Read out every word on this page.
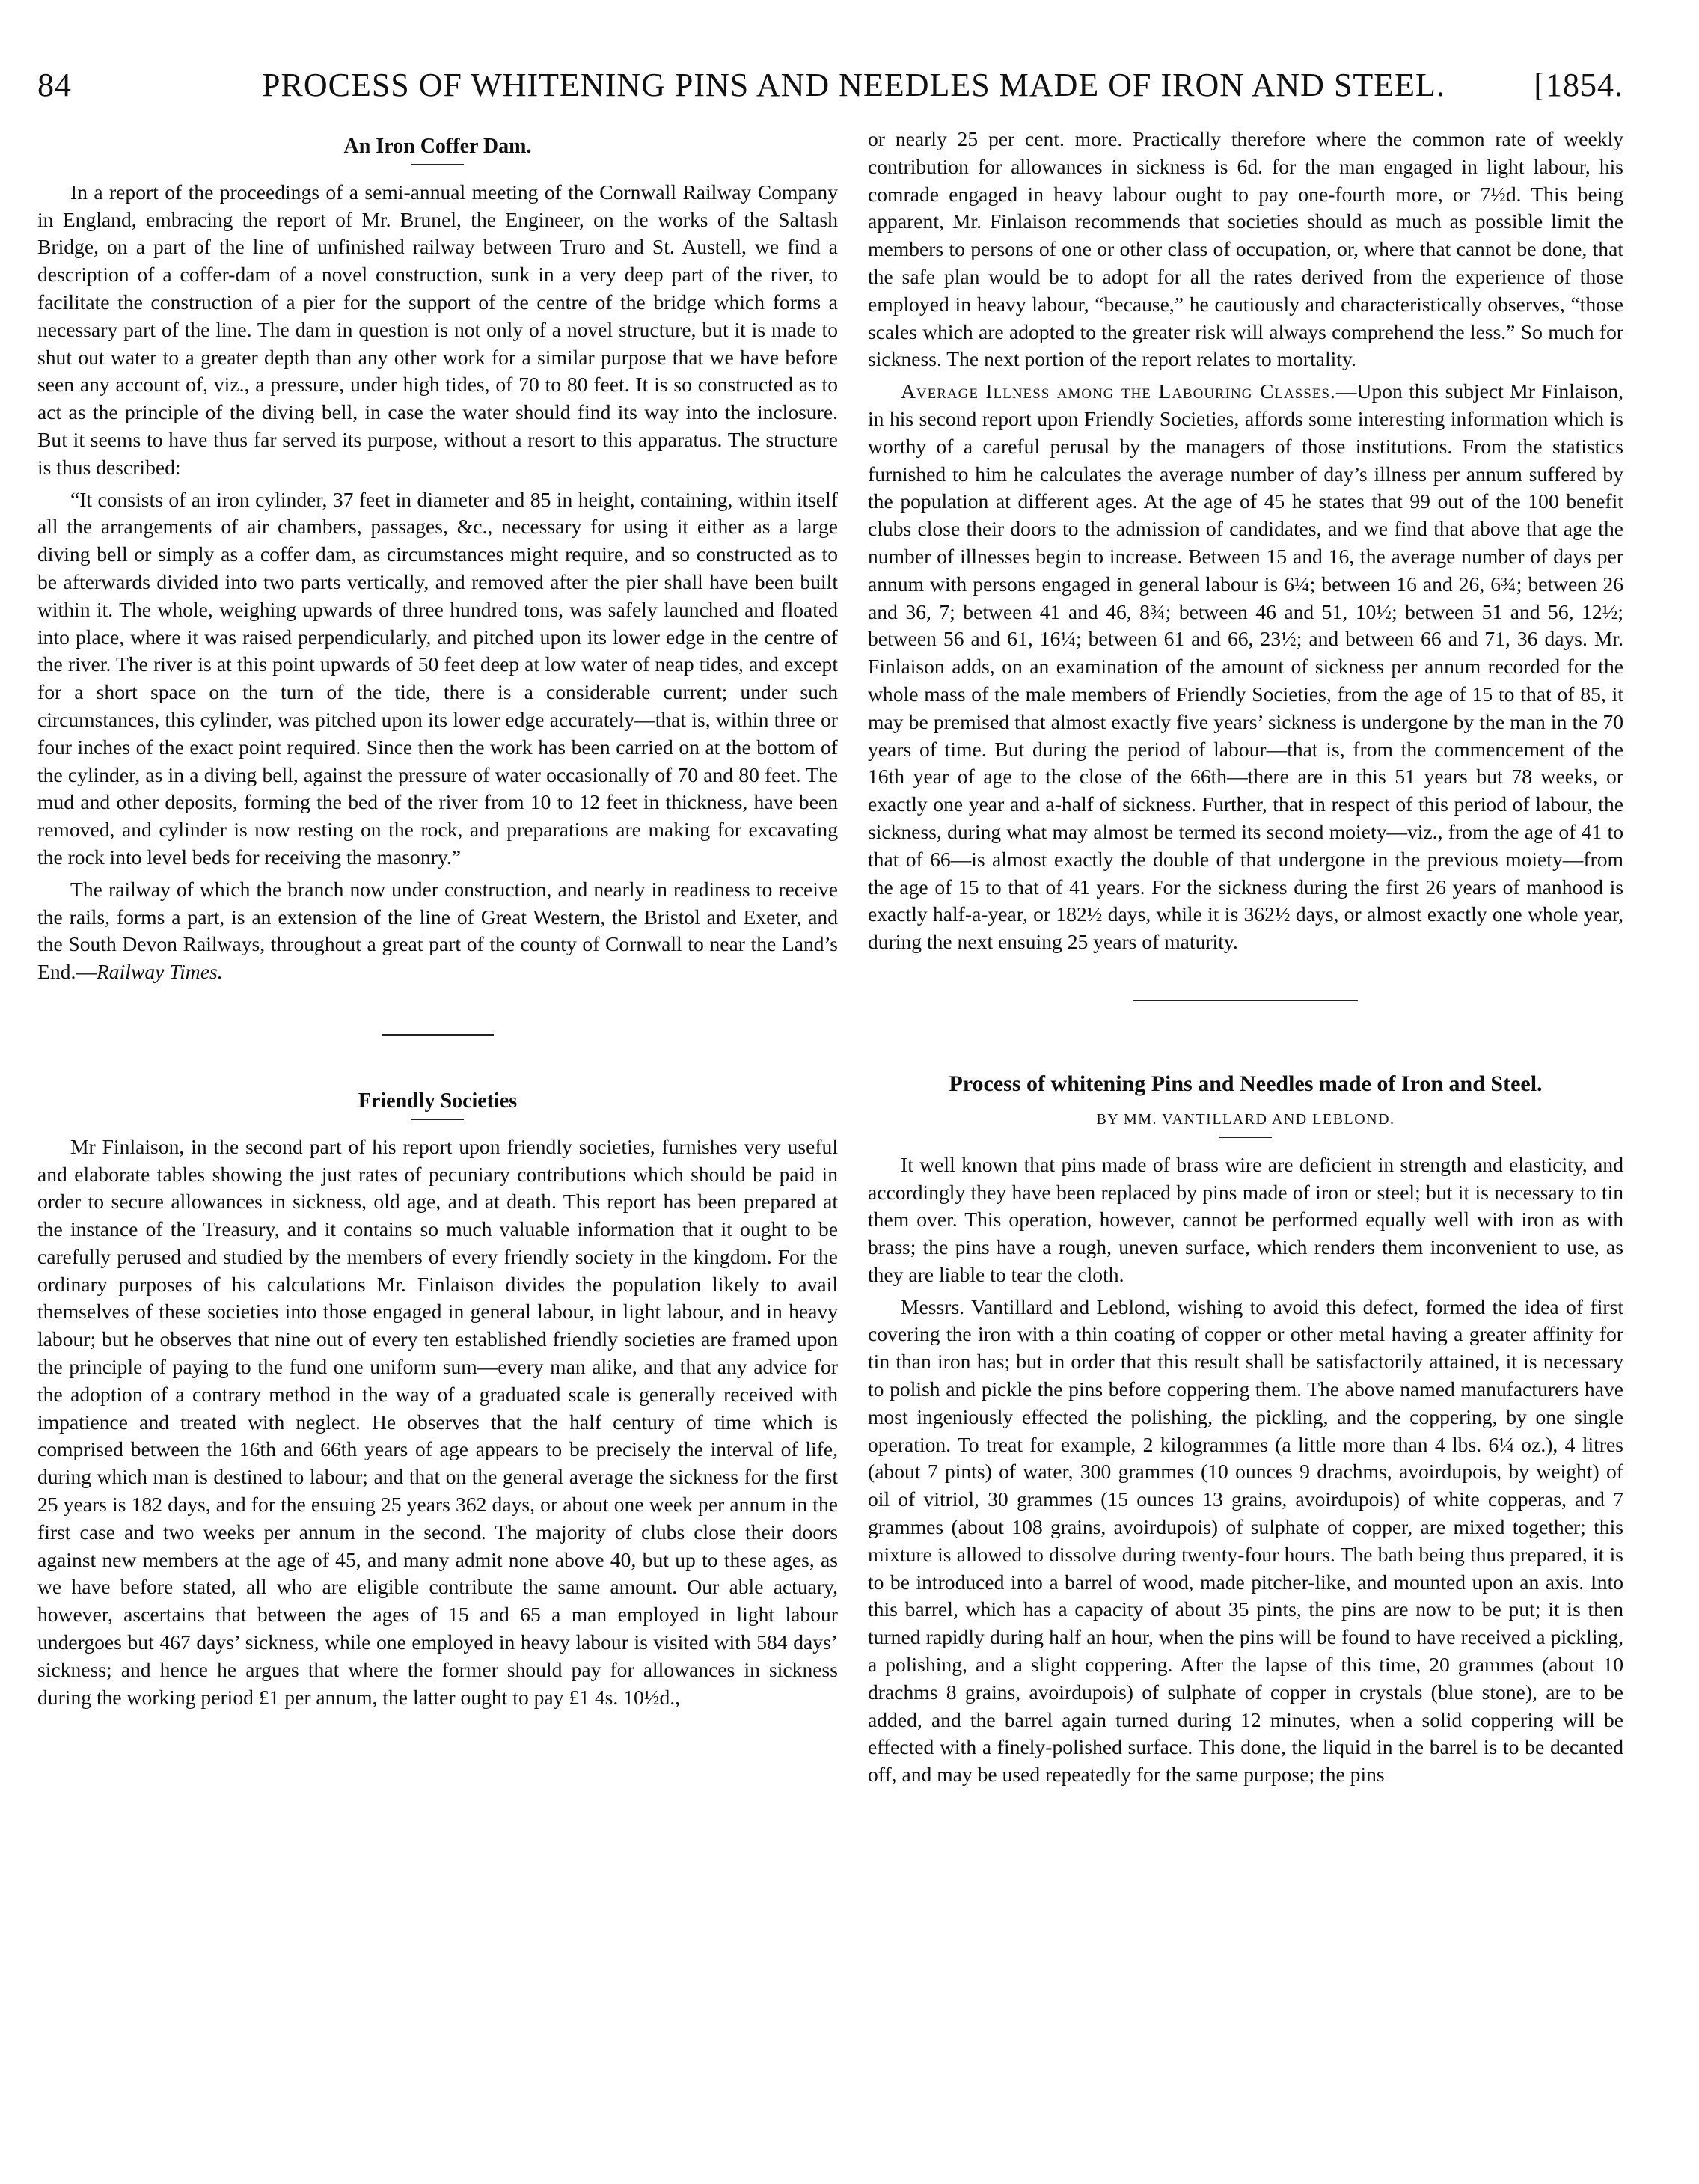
84	PROCESS OF WHITENING PINS AND NEEDLES MADE OF IRON AND STEEL.	[1854.
An Iron Coffer Dam.

In a report of the proceedings of a semi-annual meeting of the Cornwall Railway Company in England, embracing the report of Mr. Brunel, the Engineer, on the works of the Saltash Bridge, on a part of the line of unfinished railway between Truro and St. Austell, we find a description of a coffer-dam of a novel construction, sunk in a very deep part of the river, to facilitate the construction of a pier for the support of the centre of the bridge which forms a necessary part of the line. The dam in question is not only of a novel structure, but it is made to shut out water to a greater depth than any other work for a similar purpose that we have before seen any account of, viz., a pressure, under high tides, of 70 to 80 feet. It is so constructed as to act as the principle of the diving bell, in case the water should find its way into the inclosure. But it seems to have thus far served its purpose, without a resort to this apparatus. The structure is thus described:

“It consists of an iron cylinder, 37 feet in diameter and 85 in height, containing, within itself all the arrangements of air chambers, passages, &c., necessary for using it either as a large diving bell or simply as a coffer dam, as circumstances might require, and so constructed as to be afterwards divided into two parts vertically, and removed after the pier shall have been built within it. The whole, weighing upwards of three hundred tons, was safely launched and floated into place, where it was raised perpendicularly, and pitched upon its lower edge in the centre of the river. The river is at this point upwards of 50 feet deep at low water of neap tides, and except for a short space on the turn of the tide, there is a considerable current; under such circumstances, this cylinder, was pitched upon its lower edge accurately—that is, within three or four inches of the exact point required. Since then the work has been carried on at the bottom of the cylinder, as in a diving bell, against the pressure of water occasionally of 70 and 80 feet. The mud and other deposits, forming the bed of the river from 10 to 12 feet in thickness, have been removed, and cylinder is now resting on the rock, and preparations are making for excavating the rock into level beds for receiving the masonry.”

The railway of which the branch now under construction, and nearly in readiness to receive the rails, forms a part, is an extension of the line of Great Western, the Bristol and Exeter, and the South Devon Railways, throughout a great part of the county of Cornwall to near the Land’s End.—Railway Times.

Friendly Societies

Mr Finlaison, in the second part of his report upon friendly societies, furnishes very useful and elaborate tables showing the just rates of pecuniary contributions which should be paid in order to secure allowances in sickness, old age, and at death. This report has been prepared at the instance of the Treasury, and it contains so much valuable information that it ought to be carefully perused and studied by the members of every friendly society in the kingdom. For the ordinary purposes of his calculations Mr. Finlaison divides the population likely to avail themselves of these societies into those engaged in general labour, in light labour, and in heavy labour; but he observes that nine out of every ten established friendly societies are framed upon the principle of paying to the fund one uniform sum—every man alike, and that any advice for the adoption of a contrary method in the way of a graduated scale is generally received with impatience and treated with neglect. He observes that the half century of time which is comprised between the 16th and 66th years of age appears to be precisely the interval of life, during which man is destined to labour; and that on the general average the sickness for the first 25 years is 182 days, and for the ensuing 25 years 362 days, or about one week per annum in the first case and two weeks per annum in the second. The majority of clubs close their doors against new members at the age of 45, and many admit none above 40, but up to these ages, as we have before stated, all who are eligible contribute the same amount. Our able actuary, however, ascertains that between the ages of 15 and 65 a man employed in light labour undergoes but 467 days’ sickness, while one employed in heavy labour is visited with 584 days’ sickness; and hence he argues that where the former should pay for allowances in sickness during the working period £1 per annum, the latter ought to pay £1 4s. 10½d.,

or nearly 25 per cent. more. Practically therefore where the common rate of weekly contribution for allowances in sickness is 6d. for the man engaged in light labour, his comrade engaged in heavy labour ought to pay one-fourth more, or 7½d. This being apparent, Mr. Finlaison recommends that societies should as much as possible limit the members to persons of one or other class of occupation, or, where that cannot be done, that the safe plan would be to adopt for all the rates derived from the experience of those employed in heavy labour, “because,” he cautiously and characteristically observes, “those scales which are adopted to the greater risk will always comprehend the less.” So much for sickness. The next portion of the report relates to mortality.

Average Illness among the Labouring Classes.—Upon this subject Mr Finlaison, in his second report upon Friendly Societies, affords some interesting information which is worthy of a careful perusal by the managers of those institutions. From the statistics furnished to him he calculates the average number of day’s illness per annum suffered by the population at different ages. At the age of 45 he states that 99 out of the 100 benefit clubs close their doors to the admission of candidates, and we find that above that age the number of illnesses begin to increase. Between 15 and 16, the average number of days per annum with persons engaged in general labour is 6¼; between 16 and 26, 6¾; between 26 and 36, 7; between 41 and 46, 8¾; between 46 and 51, 10½; between 51 and 56, 12½; between 56 and 61, 16¼; between 61 and 66, 23½; and between 66 and 71, 36 days. Mr. Finlaison adds, on an examination of the amount of sickness per annum recorded for the whole mass of the male members of Friendly Societies, from the age of 15 to that of 85, it may be premised that almost exactly five years’ sickness is undergone by the man in the 70 years of time. But during the period of labour—that is, from the commencement of the 16th year of age to the close of the 66th—there are in this 51 years but 78 weeks, or exactly one year and a-half of sickness. Further, that in respect of this period of labour, the sickness, during what may almost be termed its second moiety—viz., from the age of 41 to that of 66—is almost exactly the double of that undergone in the previous moiety—from the age of 15 to that of 41 years. For the sickness during the first 26 years of manhood is exactly half-a-year, or 182½ days, while it is 362½ days, or almost exactly one whole year, during the next ensuing 25 years of maturity.

Process of whitening Pins and Needles made of Iron and Steel.
BY MM. VANTILLARD AND LEBLOND.

It well known that pins made of brass wire are deficient in strength and elasticity, and accordingly they have been replaced by pins made of iron or steel; but it is necessary to tin them over. This operation, however, cannot be performed equally well with iron as with brass; the pins have a rough, uneven surface, which renders them inconvenient to use, as they are liable to tear the cloth.

Messrs. Vantillard and Leblond, wishing to avoid this defect, formed the idea of first covering the iron with a thin coating of copper or other metal having a greater affinity for tin than iron has; but in order that this result shall be satisfactorily attained, it is necessary to polish and pickle the pins before coppering them. The above named manufacturers have most ingeniously effected the polishing, the pickling, and the coppering, by one single operation. To treat for example, 2 kilogrammes (a little more than 4 lbs. 6¼ oz.), 4 litres (about 7 pints) of water, 300 grammes (10 ounces 9 drachms, avoirdupois, by weight) of oil of vitriol, 30 grammes (15 ounces 13 grains, avoirdupois) of white copperas, and 7 grammes (about 108 grains, avoirdupois) of sulphate of copper, are mixed together; this mixture is allowed to dissolve during twenty-four hours. The bath being thus prepared, it is to be introduced into a barrel of wood, made pitcher-like, and mounted upon an axis. Into this barrel, which has a capacity of about 35 pints, the pins are now to be put; it is then turned rapidly during half an hour, when the pins will be found to have received a pickling, a polishing, and a slight coppering. After the lapse of this time, 20 grammes (about 10 drachms 8 grains, avoirdupois) of sulphate of copper in crystals (blue stone), are to be added, and the barrel again turned during 12 minutes, when a solid coppering will be effected with a finely-polished surface. This done, the liquid in the barrel is to be decanted off, and may be used repeatedly for the same purpose; the pins
